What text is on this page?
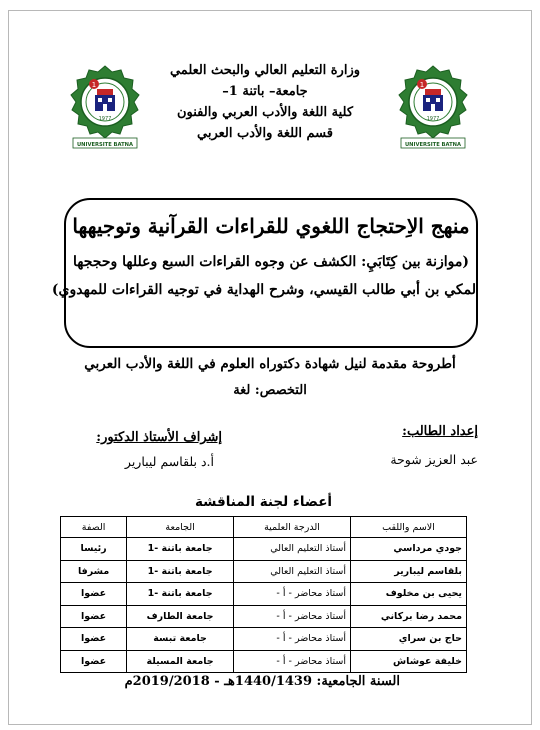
1
1977
UNIVERSITE BATNA
1
1977
UNIVERSITE BATNA
وزارة التعليم العالي والبحث العلمي
جامعة– باتنة 1–
كلية اللغة والأدب العربي والفنون
قسم اللغة والأدب العربي
منهج الاِحتجاج اللغوي للقراءات القرآنية وتوجيهها
(موازنة بين كِتَابَيِ: الكشف عن وجوه القراءات السبع وعللها وحججها
لمكي بن أبي طالب القيسي، وشرح الهداية في توجيه القراءات للمهدوي)
أطروحة مقدمة لنيل شهادة دكتوراه العلوم في اللغة والأدب العربي
التخصص: لغة
إعداد الطالب:
عبد العزيز شوحة
إشراف الأستاذ الدكتور:
أ.د بلقاسم ليبارير
أعضاء لجنة المناقشة
الاسم واللقب	الدرجة العلمية	الجامعة	الصفة
جودي مرداسي	أستاذ التعليم العالي	جامعة باتنة -1	رئيسا
بلقاسم ليبارير	أستاذ التعليم العالي	جامعة باتنة -1	مشرفا
يحيى بن مخلوف	أستاذ محاضر - أ -	جامعة باتنة -1	عضوا
محمد رضا بركاني	أستاذ محاضر - أ -	جامعة الطارف	عضوا
حاج بن سراي	أستاذ محاضر - أ -	جامعة تبسة	عضوا
خليفة عوشاش	أستاذ محاضر - أ -	جامعة المسيلة	عضوا
السنة الجامعية: 1440/1439هـ - 2019/2018م
